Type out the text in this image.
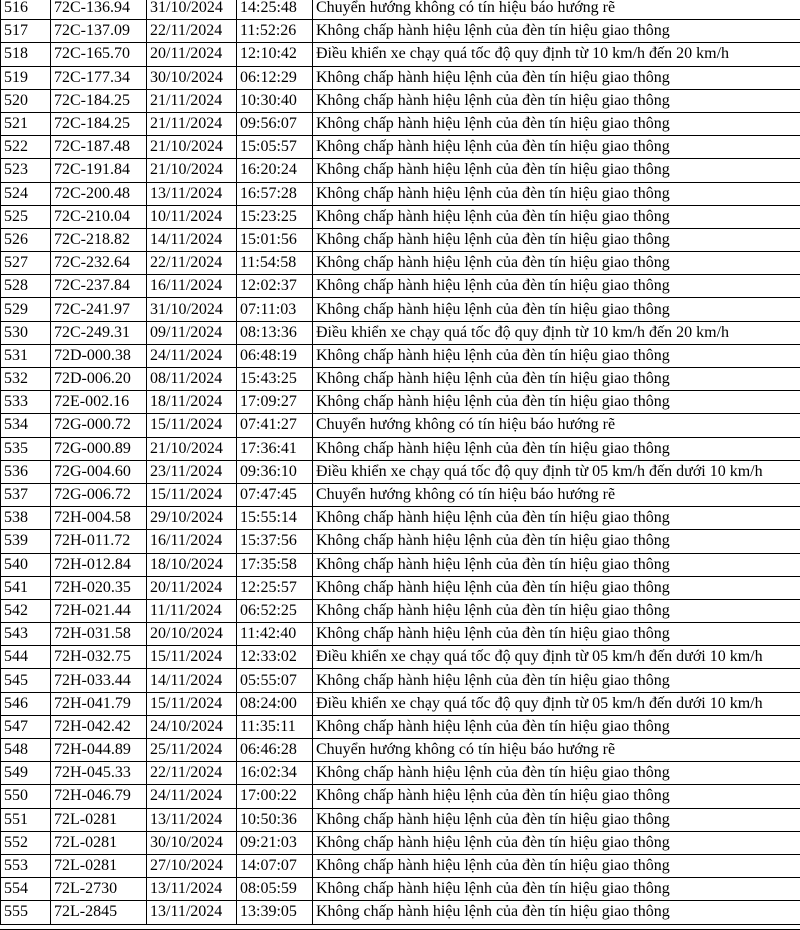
516	72C-136.94	31/10/2024	14:25:48	Chuyển hướng không có tín hiệu báo hướng rẽ
517	72C-137.09	22/11/2024	11:52:26	Không chấp hành hiệu lệnh của đèn tín hiệu giao thông
518	72C-165.70	20/11/2024	12:10:42	Điều khiển xe chạy quá tốc độ quy định từ 10 km/h đến 20 km/h
519	72C-177.34	30/10/2024	06:12:29	Không chấp hành hiệu lệnh của đèn tín hiệu giao thông
520	72C-184.25	21/11/2024	10:30:40	Không chấp hành hiệu lệnh của đèn tín hiệu giao thông
521	72C-184.25	21/11/2024	09:56:07	Không chấp hành hiệu lệnh của đèn tín hiệu giao thông
522	72C-187.48	21/10/2024	15:05:57	Không chấp hành hiệu lệnh của đèn tín hiệu giao thông
523	72C-191.84	21/10/2024	16:20:24	Không chấp hành hiệu lệnh của đèn tín hiệu giao thông
524	72C-200.48	13/11/2024	16:57:28	Không chấp hành hiệu lệnh của đèn tín hiệu giao thông
525	72C-210.04	10/11/2024	15:23:25	Không chấp hành hiệu lệnh của đèn tín hiệu giao thông
526	72C-218.82	14/11/2024	15:01:56	Không chấp hành hiệu lệnh của đèn tín hiệu giao thông
527	72C-232.64	22/11/2024	11:54:58	Không chấp hành hiệu lệnh của đèn tín hiệu giao thông
528	72C-237.84	16/11/2024	12:02:37	Không chấp hành hiệu lệnh của đèn tín hiệu giao thông
529	72C-241.97	31/10/2024	07:11:03	Không chấp hành hiệu lệnh của đèn tín hiệu giao thông
530	72C-249.31	09/11/2024	08:13:36	Điều khiển xe chạy quá tốc độ quy định từ 10 km/h đến 20 km/h
531	72D-000.38	24/11/2024	06:48:19	Không chấp hành hiệu lệnh của đèn tín hiệu giao thông
532	72D-006.20	08/11/2024	15:43:25	Không chấp hành hiệu lệnh của đèn tín hiệu giao thông
533	72E-002.16	18/11/2024	17:09:27	Không chấp hành hiệu lệnh của đèn tín hiệu giao thông
534	72G-000.72	15/11/2024	07:41:27	Chuyển hướng không có tín hiệu báo hướng rẽ
535	72G-000.89	21/10/2024	17:36:41	Không chấp hành hiệu lệnh của đèn tín hiệu giao thông
536	72G-004.60	23/11/2024	09:36:10	Điều khiển xe chạy quá tốc độ quy định từ 05 km/h đến dưới 10 km/h
537	72G-006.72	15/11/2024	07:47:45	Chuyển hướng không có tín hiệu báo hướng rẽ
538	72H-004.58	29/10/2024	15:55:14	Không chấp hành hiệu lệnh của đèn tín hiệu giao thông
539	72H-011.72	16/11/2024	15:37:56	Không chấp hành hiệu lệnh của đèn tín hiệu giao thông
540	72H-012.84	18/10/2024	17:35:58	Không chấp hành hiệu lệnh của đèn tín hiệu giao thông
541	72H-020.35	20/11/2024	12:25:57	Không chấp hành hiệu lệnh của đèn tín hiệu giao thông
542	72H-021.44	11/11/2024	06:52:25	Không chấp hành hiệu lệnh của đèn tín hiệu giao thông
543	72H-031.58	20/10/2024	11:42:40	Không chấp hành hiệu lệnh của đèn tín hiệu giao thông
544	72H-032.75	15/11/2024	12:33:02	Điều khiển xe chạy quá tốc độ quy định từ 05 km/h đến dưới 10 km/h
545	72H-033.44	14/11/2024	05:55:07	Không chấp hành hiệu lệnh của đèn tín hiệu giao thông
546	72H-041.79	15/11/2024	08:24:00	Điều khiển xe chạy quá tốc độ quy định từ 05 km/h đến dưới 10 km/h
547	72H-042.42	24/10/2024	11:35:11	Không chấp hành hiệu lệnh của đèn tín hiệu giao thông
548	72H-044.89	25/11/2024	06:46:28	Chuyển hướng không có tín hiệu báo hướng rẽ
549	72H-045.33	22/11/2024	16:02:34	Không chấp hành hiệu lệnh của đèn tín hiệu giao thông
550	72H-046.79	24/11/2024	17:00:22	Không chấp hành hiệu lệnh của đèn tín hiệu giao thông
551	72L-0281	13/11/2024	10:50:36	Không chấp hành hiệu lệnh của đèn tín hiệu giao thông
552	72L-0281	30/10/2024	09:21:03	Không chấp hành hiệu lệnh của đèn tín hiệu giao thông
553	72L-0281	27/10/2024	14:07:07	Không chấp hành hiệu lệnh của đèn tín hiệu giao thông
554	72L-2730	13/11/2024	08:05:59	Không chấp hành hiệu lệnh của đèn tín hiệu giao thông
555	72L-2845	13/11/2024	13:39:05	Không chấp hành hiệu lệnh của đèn tín hiệu giao thông
